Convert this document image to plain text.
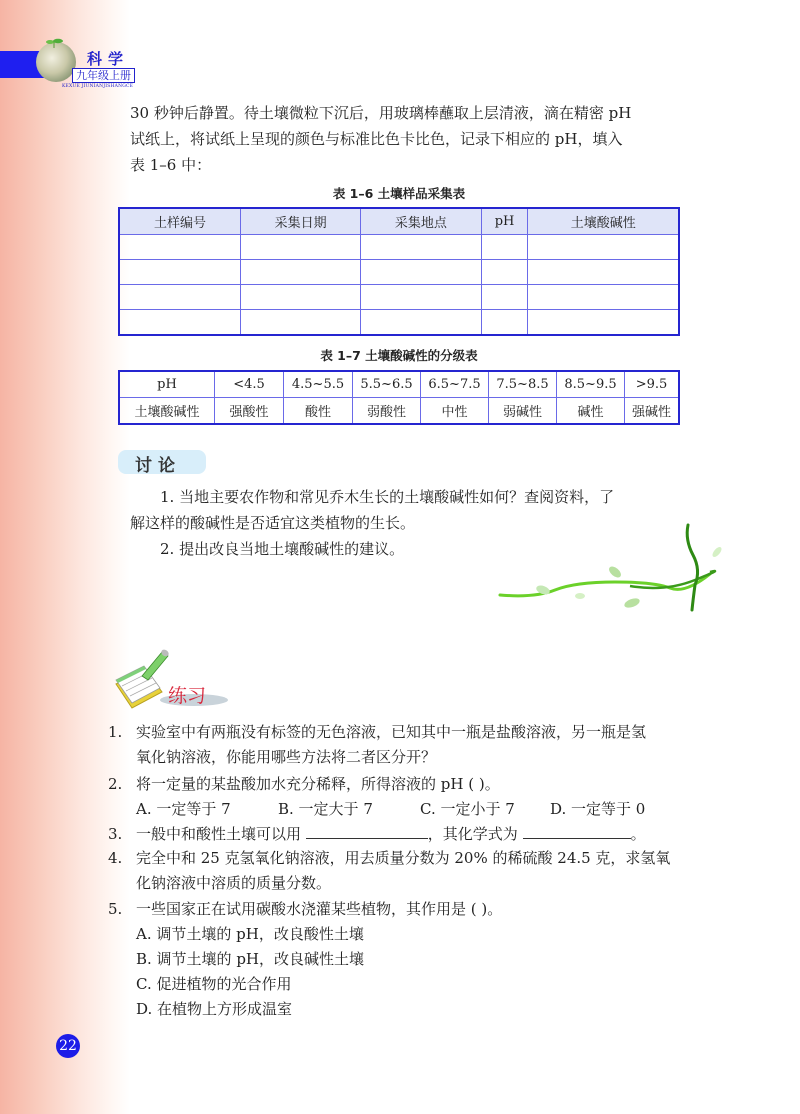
科学
九年级上册
KEXUE JIUNIANJISHANGCE
30 秒钟后静置。待土壤微粒下沉后，用玻璃棒蘸取上层清液，滴在精密 pH
试纸上，将试纸上呈现的颜色与标准比色卡比色，记录下相应的 pH，填入
表 1–6 中：
表 1–6 土壤样品采集表
土样编号	采集日期	采集地点	pH	土壤酸碱性

表 1–7 土壤酸碱性的分级表
pH	<4.5	4.5~5.5	5.5~6.5	6.5~7.5	7.5~8.5	8.5~9.5	>9.5
土壤酸碱性	强酸性	酸性	弱酸性	中性	弱碱性	碱性	强碱性
讨论
1. 当地主要农作物和常见乔木生长的土壤酸碱性如何？查阅资料，了
解这样的酸碱性是否适宜这类植物的生长。
2. 提出改良当地土壤酸碱性的建议。
练习
1. 实验室中有两瓶没有标签的无色溶液，已知其中一瓶是盐酸溶液，另一瓶是氢
氧化钠溶液，你能用哪些方法将二者区分开？
2. 将一定量的某盐酸加水充分稀释，所得溶液的 pH ( )。
A. 一定等于 7	B. 一定大于 7	C. 一定小于 7 D. 一定等于 0
3. 一般中和酸性土壤可以用	，其化学式为	。
4. 完全中和 25 克氢氧化钠溶液，用去质量分数为 20% 的稀硫酸 24.5 克，求氢氧
化钠溶液中溶质的质量分数。
5. 一些国家正在试用碳酸水浇灌某些植物，其作用是 ( )。
A. 调节土壤的 pH，改良酸性土壤
B. 调节土壤的 pH，改良碱性土壤
C. 促进植物的光合作用
D. 在植物上方形成温室
22
